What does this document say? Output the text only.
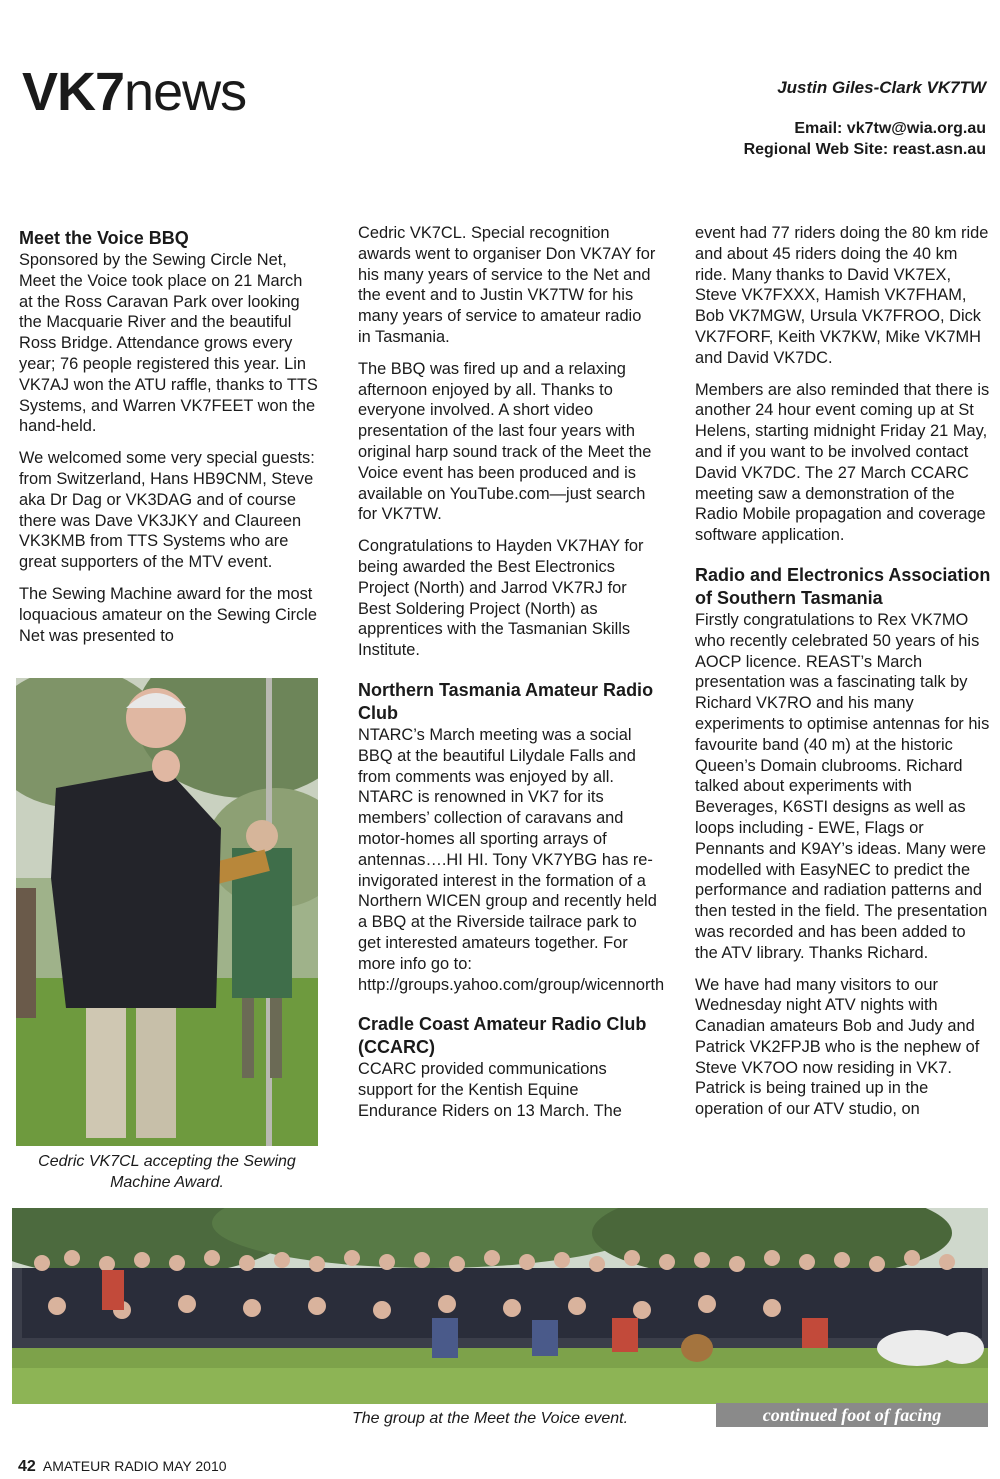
VK7news	Justin Giles-Clark VK7TW
Email: vk7tw@wia.org.au
Regional Web Site: reast.asn.au
Meet the Voice BBQ

Sponsored by the Sewing Circle Net, Meet the Voice took place on 21 March at the Ross Caravan Park over looking the Macquarie River and the beautiful Ross Bridge. Attendance grows every year; 76 people registered this year. Lin VK7AJ won the ATU raffle, thanks to TTS Systems, and Warren VK7FEET won the hand-held.

We welcomed some very special guests: from Switzerland, Hans HB9CNM, Steve aka Dr Dag or VK3DAG and of course there was Dave VK3JKY and Claureen VK3KMB from TTS Systems who are great supporters of the MTV event.

The Sewing Machine award for the most loquacious amateur on the Sewing Circle Net was presented to

Cedric VK7CL accepting the Sewing Machine Award.

Cedric VK7CL. Special recognition awards went to organiser Don VK7AY for his many years of service to the Net and the event and to Justin VK7TW for his many years of service to amateur radio in Tasmania.

The BBQ was fired up and a relaxing afternoon enjoyed by all. Thanks to everyone involved. A short video presentation of the last four years with original harp sound track of the Meet the Voice event has been produced and is available on YouTube.com—just search for VK7TW.

Congratulations to Hayden VK7HAY for being awarded the Best Electronics Project (North) and Jarrod VK7RJ for Best Soldering Project (North) as apprentices with the Tasmanian Skills Institute.

Northern Tasmania Amateur Radio Club

NTARC’s March meeting was a social BBQ at the beautiful Lilydale Falls and from comments was enjoyed by all. NTARC is renowned in VK7 for its members’ collection of caravans and motor-homes all sporting arrays of antennas….HI HI. Tony VK7YBG has re-invigorated interest in the formation of a Northern WICEN group and recently held a BBQ at the Riverside tailrace park to get interested amateurs together. For more info go to: http://groups.yahoo.com/group/wicennorth

Cradle Coast Amateur Radio Club (CCARC)

CCARC provided communications support for the Kentish Equine Endurance Riders on 13 March. The

event had 77 riders doing the 80 km ride and about 45 riders doing the 40 km ride. Many thanks to David VK7EX, Steve VK7FXXX, Hamish VK7FHAM, Bob VK7MGW, Ursula VK7FROO, Dick VK7FORF, Keith VK7KW, Mike VK7MH and David VK7DC.

Members are also reminded that there is another 24 hour event coming up at St Helens, starting midnight Friday 21 May, and if you want to be involved contact David VK7DC. The 27 March CCARC meeting saw a demonstration of the Radio Mobile propagation and coverage software application.

Radio and Electronics Association of Southern Tasmania

Firstly congratulations to Rex VK7MO who recently celebrated 50 years of his AOCP licence. REAST’s March presentation was a fascinating talk by Richard VK7RO and his many experiments to optimise antennas for his favourite band (40 m) at the historic Queen’s Domain clubrooms. Richard talked about experiments with Beverages, K6STI designs as well as loops including - EWE, Flags or Pennants and K9AY’s ideas. Many were modelled with EasyNEC to predict the performance and radiation patterns and then tested in the field. The presentation was recorded and has been added to the ATV library. Thanks Richard.

We have had many visitors to our Wednesday night ATV nights with Canadian amateurs Bob and Judy and Patrick VK2FPJB who is the nephew of Steve VK7OO now residing in VK7. Patrick is being trained up in the operation of our ATV studio, on

The group at the Meet the Voice event.	continued foot of facing
42 AMATEUR RADIO MAY 2010
